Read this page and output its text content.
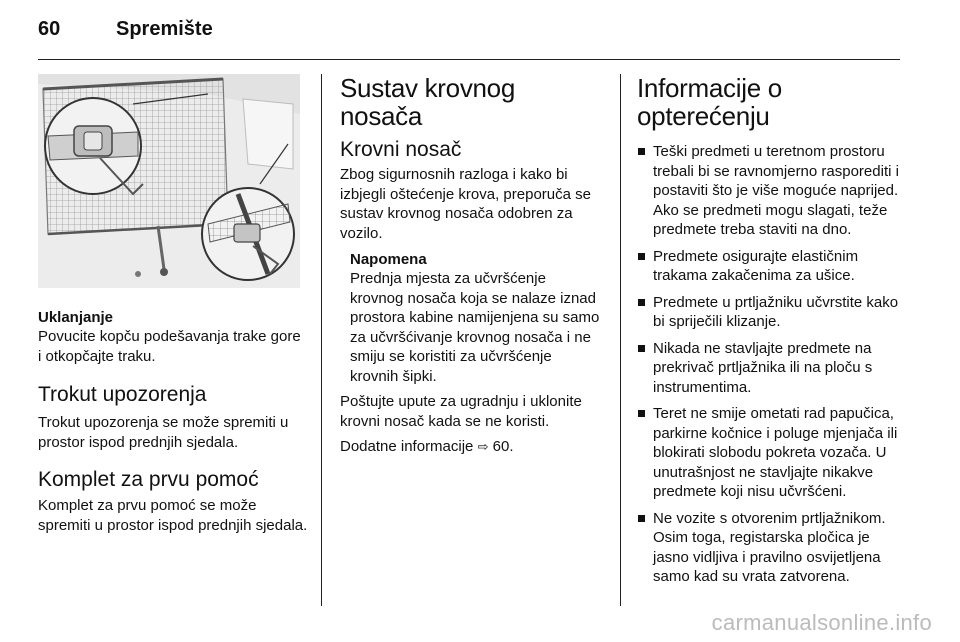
60	Spremište
Uklanjanje

Povucite kopču podešavanja trake gore i otkopčajte traku.

Trokut upozorenja

Trokut upozorenja se može spremiti u prostor ispod prednjih sjedala.

Komplet za prvu pomoć

Komplet za prvu pomoć se može spremiti u prostor ispod prednjih sjedala.

Sustav krovnog nosača
Krovni nosač

Zbog sigurnosnih razloga i kako bi izbjegli oštećenje krova, preporuča se sustav krovnog nosača odobren za vozilo.

Napomena

Prednja mjesta za učvršćenje krovnog nosača koja se nalaze iznad prostora kabine namijenjena su samo za učvršćivanje krovnog nosača i ne smiju se koristiti za učvršćenje krovnih šipki.

Poštujte upute za ugradnju i uklonite krovni nosač kada se ne koristi.

Dodatne informacije ⇨ 60.

Informacije o
opterećenju
Teški predmeti u teretnom prostoru trebali bi se ravnomjerno rasporediti i postaviti što je više moguće naprijed. Ako se predmeti mogu slagati, teže predmete treba staviti na dno.
Predmete osigurajte elastičnim trakama zakačenima za ušice.
Predmete u prtljažniku učvrstite kako bi spriječili klizanje.
Nikada ne stavljajte predmete na prekrivač prtljažnika ili na ploču s instrumentima.
Teret ne smije ometati rad papučica, parkirne kočnice i poluge mjenjača ili blokirati slobodu pokreta vozača. U unutrašnjost ne stavljajte nikakve predmete koji nisu učvršćeni.
Ne vozite s otvorenim prtljažnikom. Osim toga, registarska pločica je jasno vidljiva i pravilno osvijetljena samo kad su vrata zatvorena.
carmanualsonline.info
